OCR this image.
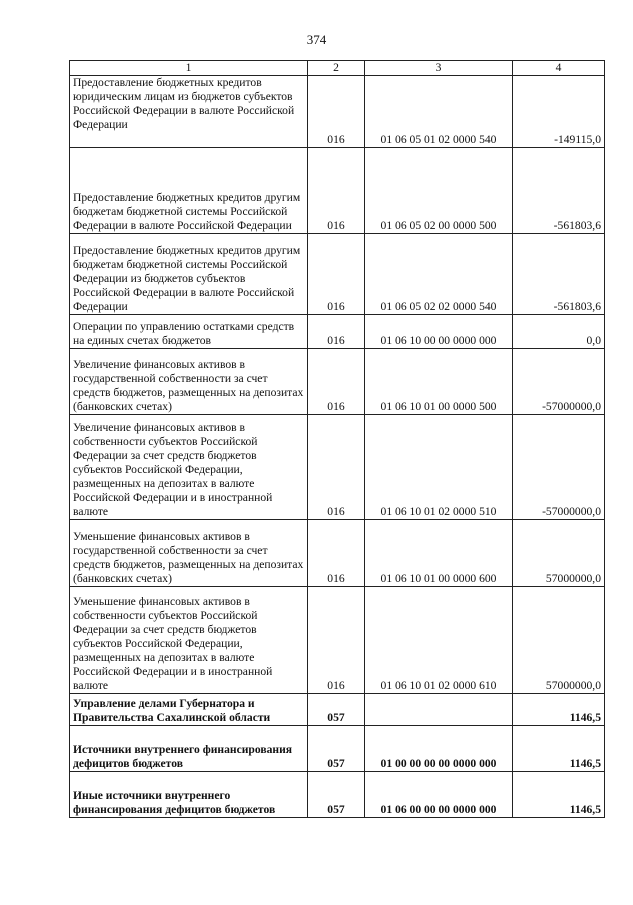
374
1	2	3	4
Предоставление бюджетных кредитов юридическим лицам из бюджетов субъектов Российской Федерации в валюте Российской Федерации	016	01 06 05 01 02 0000 540	-149115,0
Предоставление бюджетных кредитов другим бюджетам бюджетной системы Российской Федерации в валюте Российской Федерации	016	01 06 05 02 00 0000 500	-561803,6
Предоставление бюджетных кредитов другим бюджетам бюджетной системы Российской Федерации из бюджетов субъектов Российской Федерации в валюте Российской Федерации	016	01 06 05 02 02 0000 540	-561803,6
Операции по управлению остатками средств на единых счетах бюджетов	016	01 06 10 00 00 0000 000	0,0
Увеличение финансовых активов в государственной собственности за счет средств бюджетов, размещенных на депозитах (банковских счетах)	016	01 06 10 01 00 0000 500	-57000000,0
Увеличение финансовых активов в собственности субъектов Российской Федерации за счет средств бюджетов субъектов Российской Федерации, размещенных на депозитах в валюте Российской Федерации и в иностранной валюте	016	01 06 10 01 02 0000 510	-57000000,0
Уменьшение финансовых активов в государственной собственности за счет средств бюджетов, размещенных на депозитах (банковских счетах)	016	01 06 10 01 00 0000 600	57000000,0
Уменьшение финансовых активов в собственности субъектов Российской Федерации за счет средств бюджетов субъектов Российской Федерации, размещенных на депозитах в валюте Российской Федерации и в иностранной валюте	016	01 06 10 01 02 0000 610	57000000,0
Управление делами Губернатора и Правительства Сахалинской области	057		1146,5
Источники внутреннего финансирования дефицитов бюджетов	057	01 00 00 00 00 0000 000	1146,5
Иные источники внутреннего финансирования дефицитов бюджетов	057	01 06 00 00 00 0000 000	1146,5
